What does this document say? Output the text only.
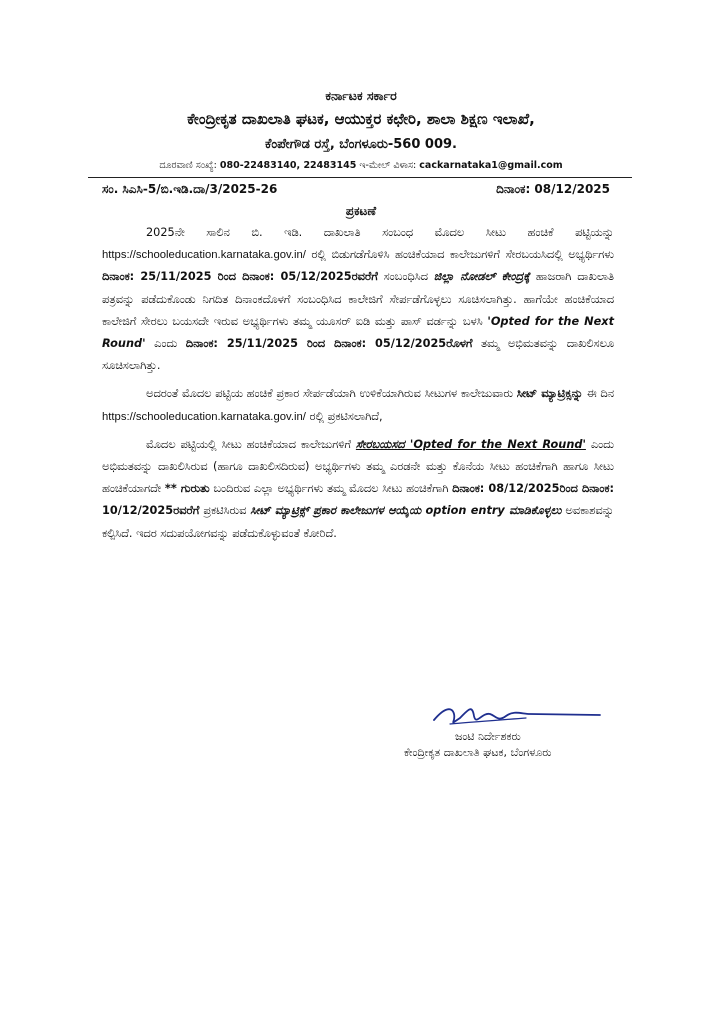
ಕರ್ನಾಟಕ ಸರ್ಕಾರ
ಕೇಂದ್ರೀಕೃತ ದಾಖಲಾತಿ ಘಟಕ, ಆಯುಕ್ತರ ಕಛೇರಿ, ಶಾಲಾ ಶಿಕ್ಷಣ ಇಲಾಖೆ,
ಕೆಂಪೇಗೌಡ ರಸ್ತೆ, ಬೆಂಗಳೂರು-560 009.
ದೂರವಾಣಿ ಸಂಖ್ಯೆ: 080-22483140, 22483145 ಇ-ಮೇಲ್ ವಿಳಾಸ: cackarnataka1@gmail.com
ಸಂ. ಸಿಎಸಿ-5/ಬಿ.ಇಡಿ.ದಾ/3/2025-26	ದಿನಾಂಕ: 08/12/2025
ಪ್ರಕಟಣೆ

2025ನೇ ಸಾಲಿನ ಬಿ. ಇಡಿ. ದಾಖಲಾತಿ ಸಂಬಂಧ ಮೊದಲ ಸೀಟು ಹಂಚಿಕೆ ಪಟ್ಟಿಯನ್ನು https://schooleducation.karnataka.gov.in/ ರಲ್ಲಿ ಬಿಡುಗಡೆಗೊಳಿಸಿ ಹಂಚಿಕೆಯಾದ ಕಾಲೇಜುಗಳಿಗೆ ಸೇರಬಯಸಿದಲ್ಲಿ ಅಭ್ಯರ್ಥಿಗಳು ದಿನಾಂಕ: 25/11/2025 ರಿಂದ ದಿನಾಂಕ: 05/12/2025ರವರೆಗೆ ಸಂಬಂಧಿಸಿದ ಜಿಲ್ಲಾ ನೋಡಲ್ ಕೇಂದ್ರಕ್ಕೆ ಹಾಜರಾಗಿ ದಾಖಲಾತಿ ಪತ್ರವನ್ನು ಪಡೆದುಕೊಂಡು ನಿಗದಿತ ದಿನಾಂಕದೊಳಗೆ ಸಂಬಂಧಿಸಿದ ಕಾಲೇಜಿಗೆ ಸೇರ್ಪಡೆಗೊಳ್ಳಲು ಸೂಚಿಸಲಾಗಿತ್ತು. ಹಾಗೆಯೇ ಹಂಚಿಕೆಯಾದ ಕಾಲೇಜಿಗೆ ಸೇರಲು ಬಯಸದೇ ಇರುವ ಅಭ್ಯರ್ಥಿಗಳು ತಮ್ಮ ಯೂಸರ್ ಐಡಿ ಮತ್ತು ಪಾಸ್ ವರ್ಡನ್ನು ಬಳಸಿ 'Opted for the Next Round' ಎಂದು ದಿನಾಂಕ: 25/11/2025 ರಿಂದ ದಿನಾಂಕ: 05/12/2025ರೊಳಗೆ ತಮ್ಮ ಅಭಿಮತವನ್ನು ದಾಖಲಿಸಲೂ ಸೂಚಿಸಲಾಗಿತ್ತು.

ಅದರಂತೆ ಮೊದಲ ಪಟ್ಟಿಯ ಹಂಚಿಕೆ ಪ್ರಕಾರ ಸೇರ್ಪಡೆಯಾಗಿ ಉಳಿಕೆಯಾಗಿರುವ ಸೀಟುಗಳ ಕಾಲೇಜುವಾರು ಸೀಟ್ ಮ್ಯಾಟ್ರಿಕ್ಸನ್ನು ಈ ದಿನ https://schooleducation.karnataka.gov.in/ ರಲ್ಲಿ ಪ್ರಕಟಿಸಲಾಗಿದೆ,

ಮೊದಲ ಪಟ್ಟಿಯಲ್ಲಿ ಸೀಟು ಹಂಚಿಕೆಯಾದ ಕಾಲೇಜುಗಳಿಗೆ ಸೇರಬಯಸದ 'Opted for the Next Round' ಎಂದು ಅಭಿಮತವನ್ನು ದಾಖಲಿಸಿರುವ (ಹಾಗೂ ದಾಖಲಿಸದಿರುವ) ಅಭ್ಯರ್ಥಿಗಳು ತಮ್ಮ ಎರಡನೇ ಮತ್ತು ಕೊನೆಯ ಸೀಟು ಹಂಚಿಕೆಗಾಗಿ ಹಾಗೂ ಸೀಟು ಹಂಚಿಕೆಯಾಗದೇ ** ಗುರುತು ಬಂದಿರುವ ಎಲ್ಲಾ ಅಭ್ಯರ್ಥಿಗಳು ತಮ್ಮ ಮೊದಲ ಸೀಟು ಹಂಚಿಕೆಗಾಗಿ ದಿನಾಂಕ: 08/12/2025ರಿಂದ ದಿನಾಂಕ: 10/12/2025ರವರೆಗೆ ಪ್ರಕಟಿಸಿರುವ ಸೀಟ್ ಮ್ಯಾಟ್ರಿಕ್ಸ್ ಪ್ರಕಾರ ಕಾಲೇಜುಗಳ ಆಯ್ಕೆಯ option entry ಮಾಡಿಕೊಳ್ಳಲು ಅವಕಾಶವನ್ನು ಕಲ್ಪಿಸಿದೆ. ಇದರ ಸದುಪಯೋಗವನ್ನು ಪಡೆದುಕೊಳ್ಳುವಂತೆ ಕೋರಿದೆ.

ಜಂಟಿ ನಿರ್ದೇಶಕರು
ಕೇಂದ್ರೀಕೃತ ದಾಖಲಾತಿ ಘಟಕ, ಬೆಂಗಳೂರು
